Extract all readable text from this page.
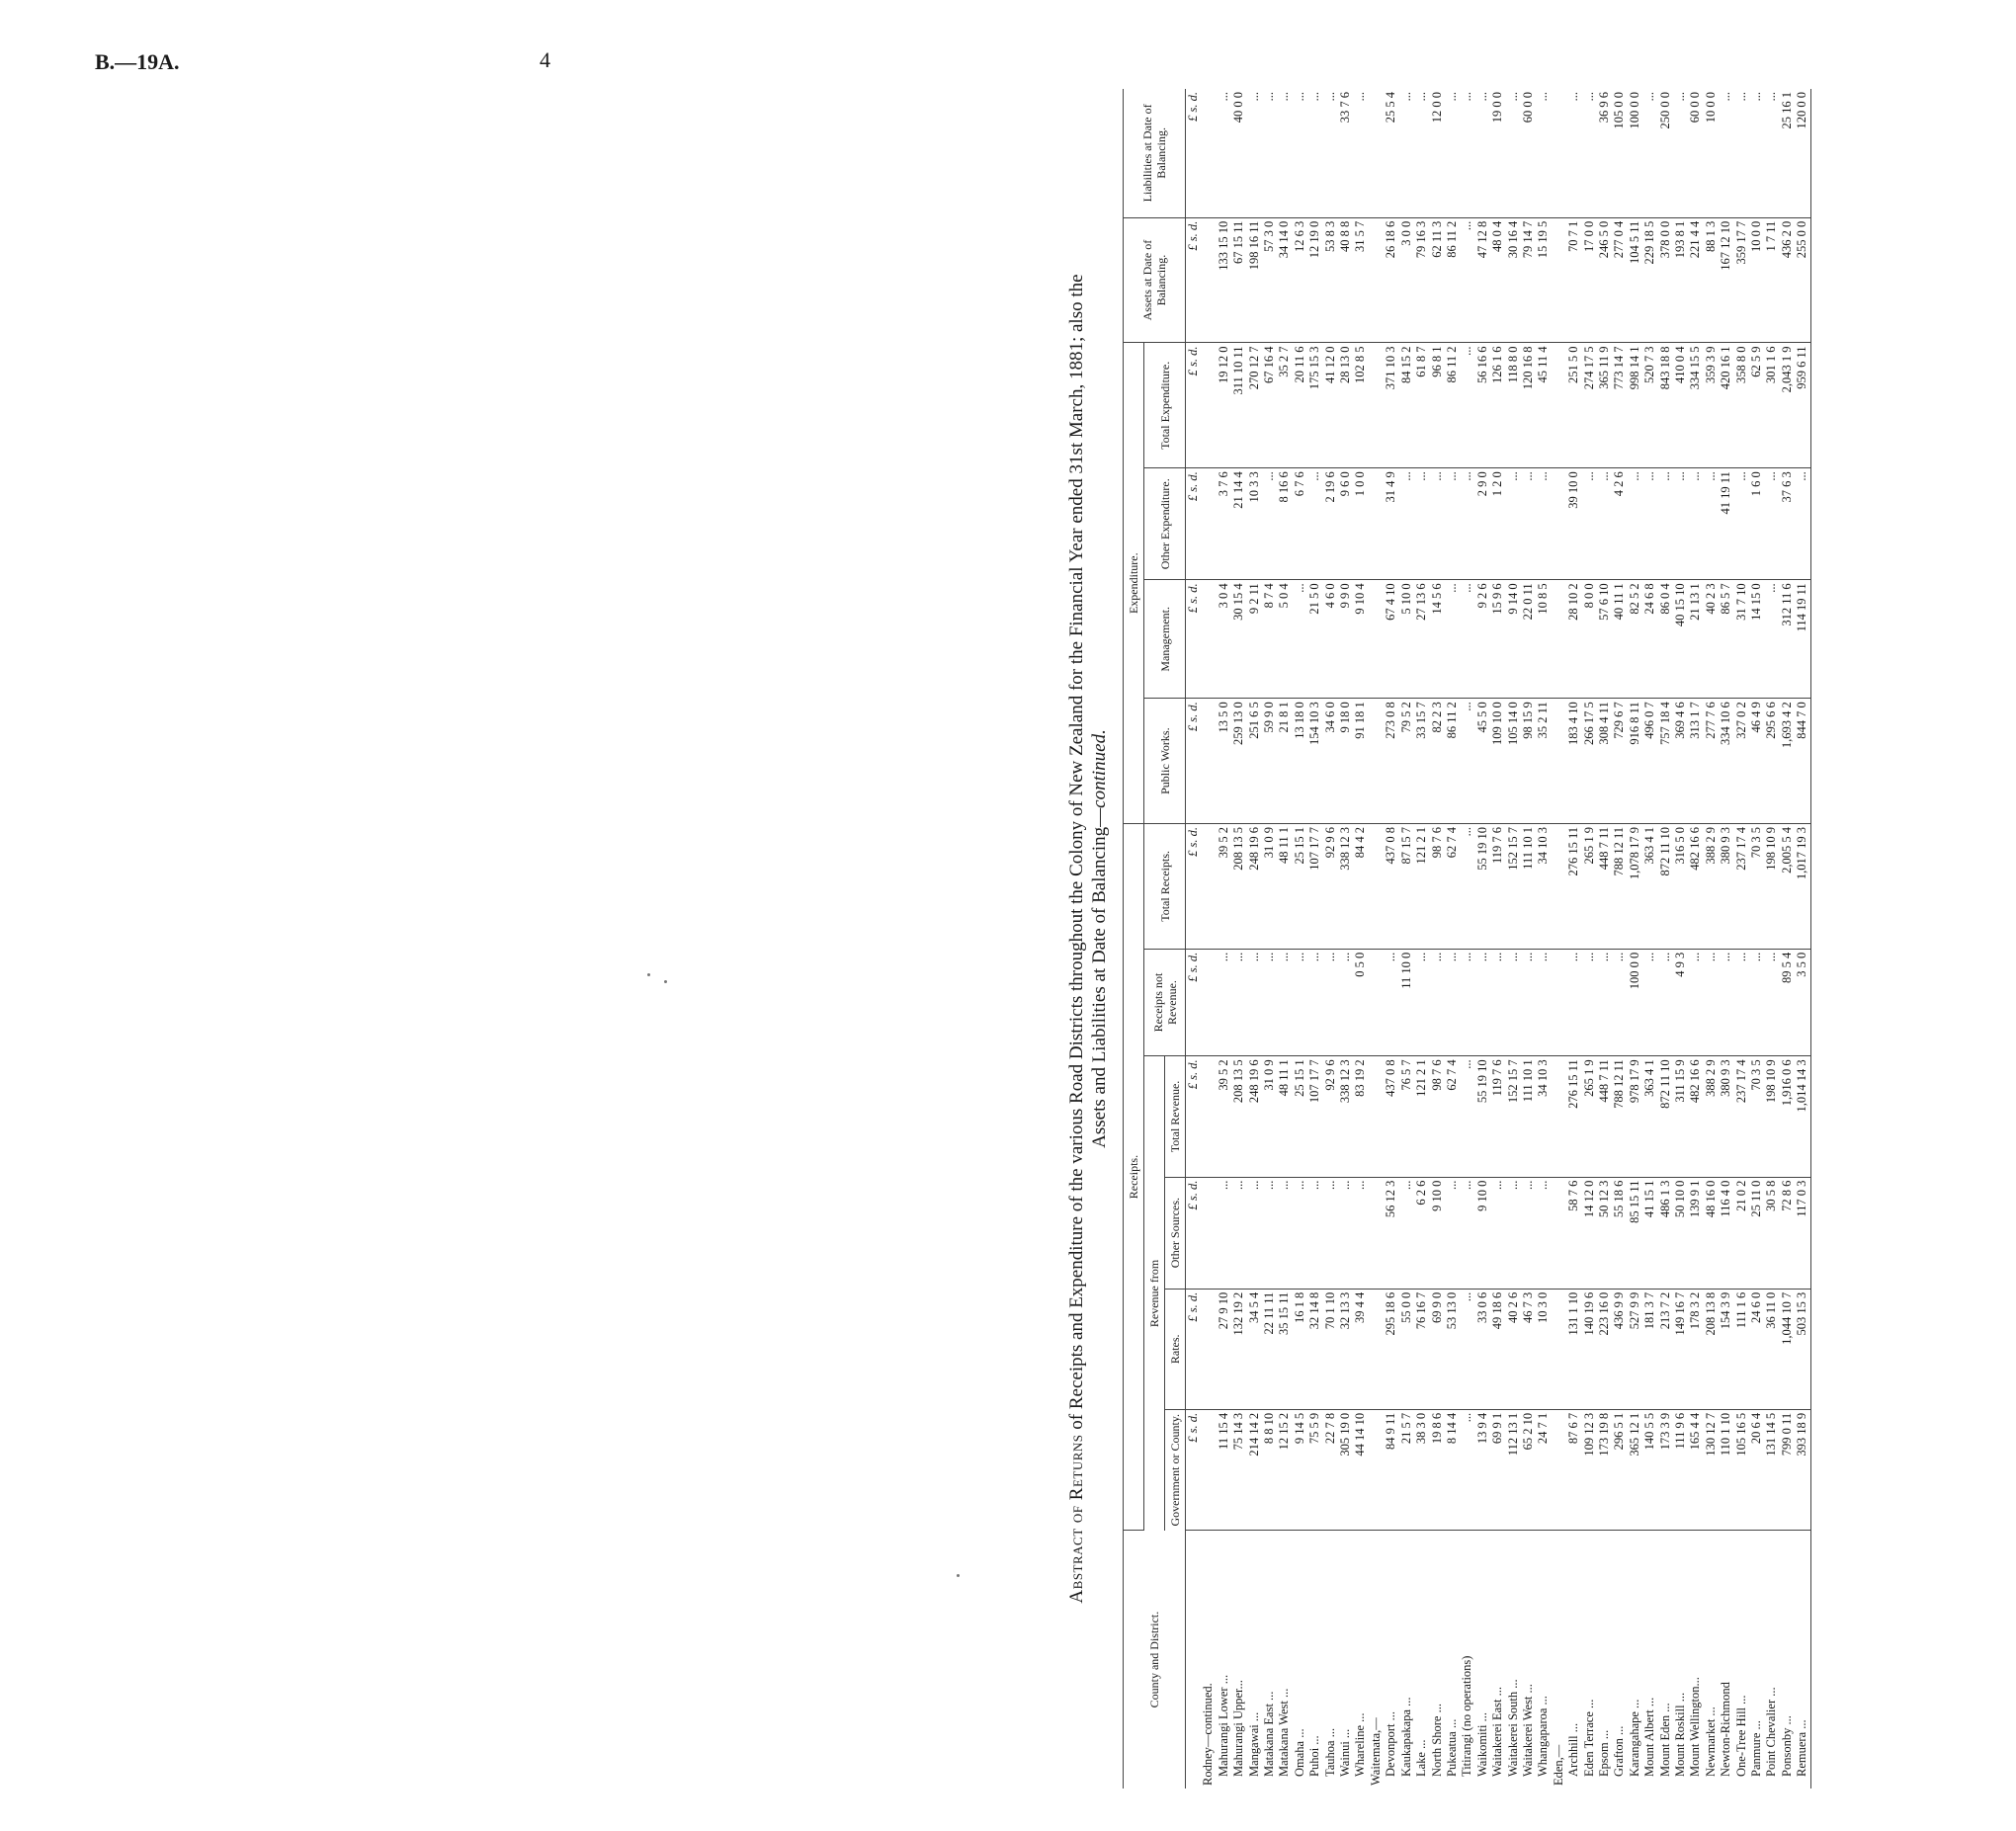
B.—19A.	4
Abstract of Returns of Receipts and Expenditure of the various Road Districts throughout the Colony of New Zealand for the Financial Year ended 31st March, 1881; also the Assets and Liabilities at Date of Balancing—continued.
County and District.		Receipts.						Expenditure.				Assets at Date of Balancing.	Liabilities at Date of Balancing.
		Revenue from				Receipts not Revenue.	Total Receipts.	Public Works.	Management.	Other Expenditure.	Total Expenditure.		
		Government or County.	Rates.	Other Sources.	Total Revenue.								
		£ s. d.	£ s. d.	£ s. d.	£ s. d.	£ s. d.	£ s. d.	£ s. d.	£ s. d.	£ s. d.	£ s. d.	£ s. d.	£ s. d.
Rodney—continued.													
Mahurangi Lower ...		11 15 4	27 9 10	...	39 5 2	...	39 5 2	13 5 0	3 0 4	3 7 6	19 12 0	133 15 10	...
Mahurangi Upper...		75 14 3	132 19 2	...	208 13 5	...	208 13 5	259 13 0	30 15 4	21 14 4	311 10 11	67 15 11	40 0 0
Mangawai ...		214 14 2	34 5 4	...	248 19 6	...	248 19 6	251 6 5	9 2 11	10 3 3	270 12 7	198 16 11	...
Matakana East ...		8 8 10	22 11 11	...	31 0 9	...	31 0 9	59 9 0	8 7 4	...	67 16 4	57 3 0	...
Matakana West ...		12 15 2	35 15 11	...	48 11 1	...	48 11 1	21 8 1	5 0 4	8 16 6	35 2 7	34 14 0	...
Omaha ...		9 14 5	16 1 8	...	25 15 1	...	25 15 1	13 18 0	...	6 7 6	20 11 6	12 6 3	...
Puhoi ...		75 5 9	32 14 8	...	107 17 7	...	107 17 7	154 10 3	21 5 0	...	175 15 3	12 19 0	...
Tauhoa ...		22 7 8	70 1 10	...	92 9 6	...	92 9 6	34 6 0	4 6 0	2 19 6	41 12 0	53 8 3	...
Wainui ...		305 19 0	32 13 3	...	338 12 3	...	338 12 3	9 18 0	9 9 0	9 6 0	28 13 0	40 8 8	33 7 6
Whareline ...		44 14 10	39 4 4	...	83 19 2	0 5 0	84 4 2	91 18 1	9 10 4	1 0 0	102 8 5	31 5 7	...
Waitemata,—													
Devonport ...		84 9 11	295 18 6	56 12 3	437 0 8	...	437 0 8	273 0 8	67 4 10	31 4 9	371 10 3	26 18 6	25 5 4
Kaukapakapa ...		21 5 7	55 0 0	...	76 5 7	11 10 0	87 15 7	79 5 2	5 10 0	...	84 15 2	3 0 0	...
Lake ...		38 3 0	76 16 7	6 2 6	121 2 1	...	121 2 1	33 15 7	27 13 6	...	61 8 7	79 16 3	...
North Shore ...		19 8 6	69 9 0	9 10 0	98 7 6	...	98 7 6	82 2 3	14 5 6	...	96 8 1	62 11 3	12 0 0
Pukeatua ...		8 14 4	53 13 0	...	62 7 4	...	62 7 4	86 11 2	...	...	86 11 2	86 11 2	...
Titirangi (no operations)		...	...	...	...	...	...	...	...	...	...	...	...
Waikomiti ...		13 9 4	33 0 6	9 10 0	55 19 10	...	55 19 10	45 5 0	9 2 6	2 9 0	56 16 6	47 12 8	...
Waitakerei East ...		69 9 1	49 18 6	...	119 7 6	...	119 7 6	109 10 0	15 9 6	1 2 0	126 1 6	48 0 4	19 0 0
Waitakerei South ...		112 13 1	40 2 6	...	152 15 7	...	152 15 7	105 14 0	9 14 0	...	118 8 0	30 16 4	...
Waitakerei West ...		65 2 10	46 7 3	...	111 10 1	...	111 10 1	98 15 9	22 0 11	...	120 16 8	79 14 7	60 0 0
Whangaparoa ...		24 7 1	10 3 0	...	34 10 3	...	34 10 3	35 2 11	10 8 5	...	45 11 4	15 19 5	...
Eden,—													
Archhill ...		87 6 7	131 1 10	58 7 6	276 15 11	...	276 15 11	183 4 10	28 10 2	39 10 0	251 5 0	70 7 1	...
Eden Terrace ...		109 12 3	140 19 6	14 12 0	265 1 9	...	265 1 9	266 17 5	8 0 0	...	274 17 5	17 0 0	...
Epsom ...		173 19 8	223 16 0	50 12 3	448 7 11	...	448 7 11	308 4 11	57 6 10	...	365 11 9	246 5 0	36 9 6
Grafton ...		296 5 1	436 9 9	55 18 6	788 12 11	...	788 12 11	729 6 7	40 11 1	4 2 6	773 14 7	277 0 4	105 0 0
Karangahape ...		365 12 1	527 9 9	85 15 11	978 17 9	100 0 0	1,078 17 9	916 8 11	82 5 2	...	998 14 1	104 5 11	100 0 0
Mount Albert ...		140 5 5	181 3 7	41 15 1	363 4 1	...	363 4 1	496 0 7	24 6 8	...	520 7 3	229 18 5	...
Mount Eden ...		173 3 9	213 7 2	486 1 3	872 11 10	...	872 11 10	757 18 4	86 0 4	...	843 18 8	378 0 0	250 0 0
Mount Roskill ...		111 9 6	149 16 7	50 10 0	311 15 9	4 9 3	316 5 0	369 4 6	40 15 10	...	410 0 4	193 8 1	...
Mount Wellington...		165 4 4	178 3 2	139 9 1	482 16 6	...	482 16 6	313 1 7	21 13 1	...	334 15 5	221 4 4	60 0 0
Newmarket ...		130 12 7	208 13 8	48 16 0	388 2 9	...	388 2 9	277 7 6	40 2 3	...	359 3 9	88 1 3	10 0 0
Newton-Richmond		110 1 10	154 3 9	116 4 0	380 9 3	...	380 9 3	334 10 6	86 5 7	41 19 11	420 16 1	167 12 10	...
One-Tree Hill ...		105 16 5	111 1 6	21 0 2	237 17 4	...	237 17 4	327 0 2	31 7 10	...	358 8 0	359 17 7	...
Panmure ...		20 6 4	24 6 0	25 11 0	70 3 5	...	70 3 5	46 4 9	14 15 0	1 6 0	62 5 9	10 0 0	...
Point Chevalier ...		131 14 5	36 11 0	30 5 8	198 10 9	...	198 10 9	295 6 6	...	...	301 1 6	1 7 11	...
Ponsonby ...		799 0 11	1,044 10 7	72 8 6	1,916 0 6	89 5 4	2,005 5 4	1,693 4 2	312 11 6	37 6 3	2,043 1 9	436 2 0	25 16 1
Remuera ...		393 18 9	503 15 3	117 0 3	1,014 14 3	3 5 0	1,017 19 3	844 7 0	114 19 11	...	959 6 11	255 0 0	120 0 0
